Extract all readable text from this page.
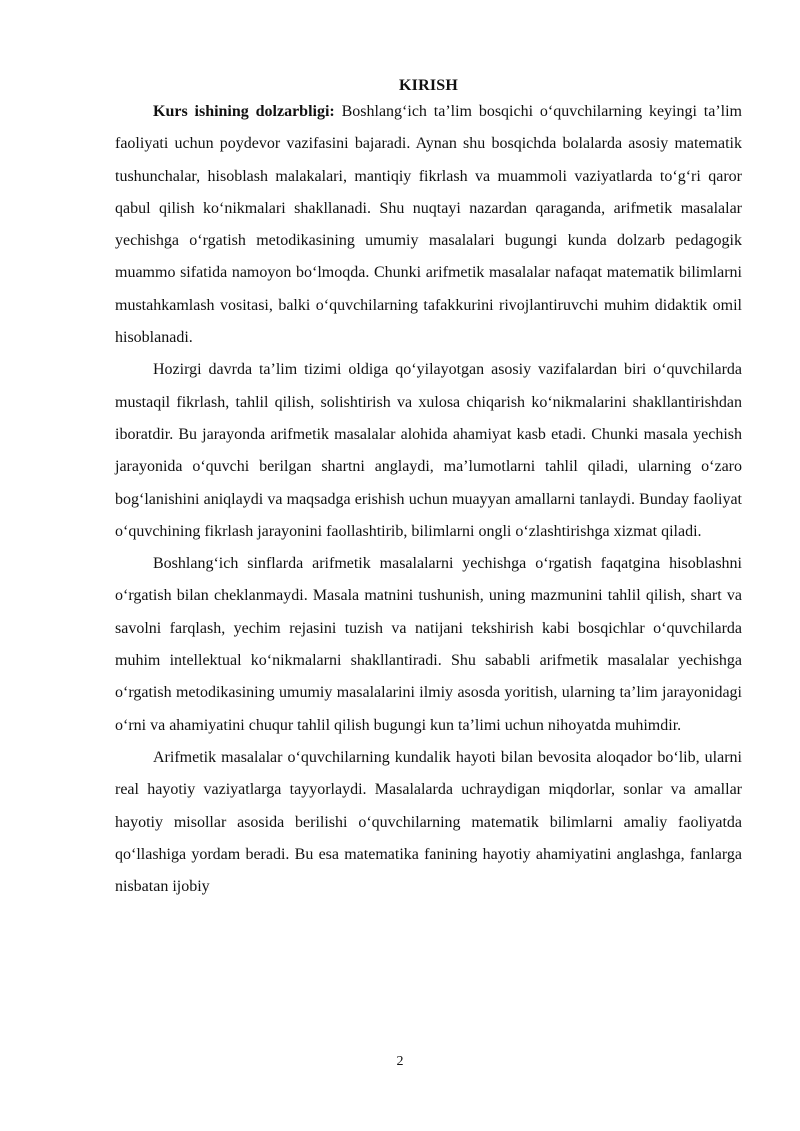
KIRISH

Kurs ishining dolzarbligi: Boshlang‘ich ta’lim bosqichi o‘quvchilarning keyingi ta’lim faoliyati uchun poydevor vazifasini bajaradi. Aynan shu bosqichda bolalarda asosiy matematik tushunchalar, hisoblash malakalari, mantiqiy fikrlash va muammoli vaziyatlarda to‘g‘ri qaror qabul qilish ko‘nikmalari shakllanadi. Shu nuqtayi nazardan qaraganda, arifmetik masalalar yechishga o‘rgatish metodikasining umumiy masalalari bugungi kunda dolzarb pedagogik muammo sifatida namoyon bo‘lmoqda. Chunki arifmetik masalalar nafaqat matematik bilimlarni mustahkamlash vositasi, balki o‘quvchilarning tafakkurini rivojlantiruvchi muhim didaktik omil hisoblanadi.

Hozirgi davrda ta’lim tizimi oldiga qo‘yilayotgan asosiy vazifalardan biri o‘quvchilarda mustaqil fikrlash, tahlil qilish, solishtirish va xulosa chiqarish ko‘nikmalarini shakllantirishdan iboratdir. Bu jarayonda arifmetik masalalar alohida ahamiyat kasb etadi. Chunki masala yechish jarayonida o‘quvchi berilgan shartni anglaydi, ma’lumotlarni tahlil qiladi, ularning o‘zaro bog‘lanishini aniqlaydi va maqsadga erishish uchun muayyan amallarni tanlaydi. Bunday faoliyat o‘quvchining fikrlash jarayonini faollashtirib, bilimlarni ongli o‘zlashtirishga xizmat qiladi.

Boshlang‘ich sinflarda arifmetik masalalarni yechishga o‘rgatish faqatgina hisoblashni o‘rgatish bilan cheklanmaydi. Masala matnini tushunish, uning mazmunini tahlil qilish, shart va savolni farqlash, yechim rejasini tuzish va natijani tekshirish kabi bosqichlar o‘quvchilarda muhim intellektual ko‘nikmalarni shakllantiradi. Shu sababli arifmetik masalalar yechishga o‘rgatish metodikasining umumiy masalalarini ilmiy asosda yoritish, ularning ta’lim jarayonidagi o‘rni va ahamiyatini chuqur tahlil qilish bugungi kun ta’limi uchun nihoyatda muhimdir.

Arifmetik masalalar o‘quvchilarning kundalik hayoti bilan bevosita aloqador bo‘lib, ularni real hayotiy vaziyatlarga tayyorlaydi. Masalalarda uchraydigan miqdorlar, sonlar va amallar hayotiy misollar asosida berilishi o‘quvchilarning matematik bilimlarni amaliy faoliyatda qo‘llashiga yordam beradi. Bu esa matematika fanining hayotiy ahamiyatini anglashga, fanlarga nisbatan ijobiy

2
